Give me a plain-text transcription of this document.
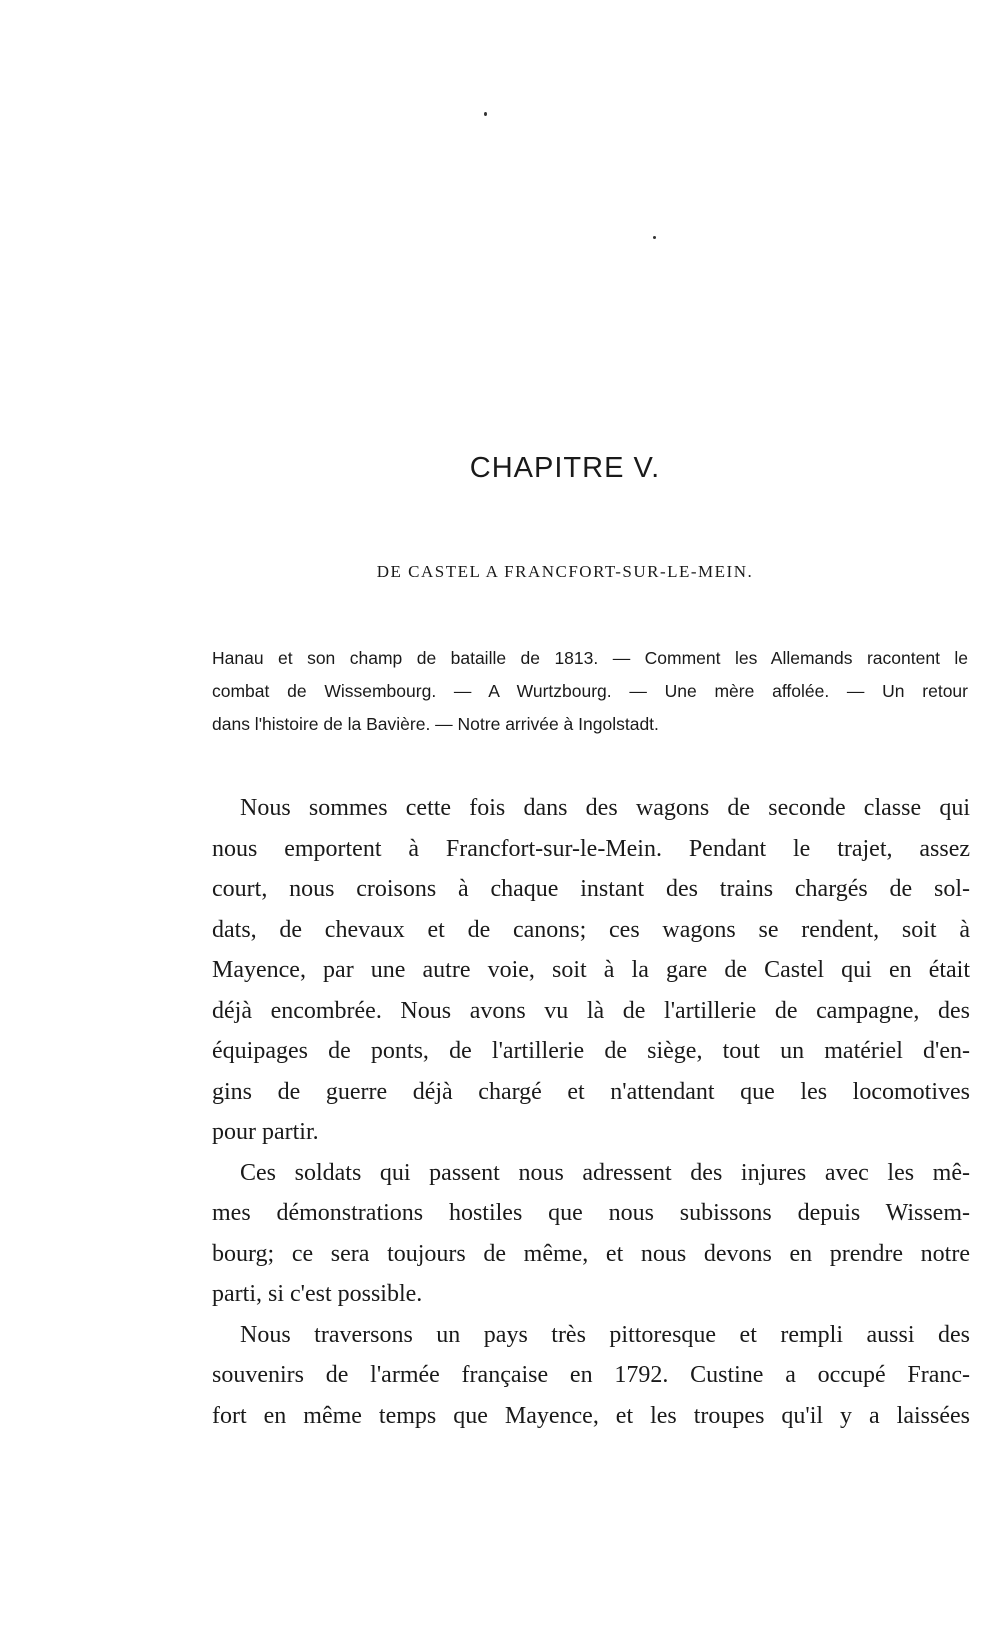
CHAPITRE V.
DE CASTEL A FRANCFORT-SUR-LE-MEIN.
Hanau et son champ de bataille de 1813. — Comment les Allemands racontent le
combat de Wissembourg. — A Wurtzbourg. — Une mère affolée. — Un retour
dans l'histoire de la Bavière. — Notre arrivée à Ingolstadt.
Nous sommes cette fois dans des wagons de seconde classe qui
nous emportent à Francfort-sur-le-Mein. Pendant le trajet, assez
court, nous croisons à chaque instant des trains chargés de sol-
dats, de chevaux et de canons; ces wagons se rendent, soit à
Mayence, par une autre voie, soit à la gare de Castel qui en était
déjà encombrée. Nous avons vu là de l'artillerie de campagne, des
équipages de ponts, de l'artillerie de siège, tout un matériel d'en-
gins de guerre déjà chargé et n'attendant que les locomotives
pour partir.
Ces soldats qui passent nous adressent des injures avec les mê-
mes démonstrations hostiles que nous subissons depuis Wissem-
bourg; ce sera toujours de même, et nous devons en prendre notre
parti, si c'est possible.
Nous traversons un pays très pittoresque et rempli aussi des
souvenirs de l'armée française en 1792. Custine a occupé Franc-
fort en même temps que Mayence, et les troupes qu'il y a laissées
